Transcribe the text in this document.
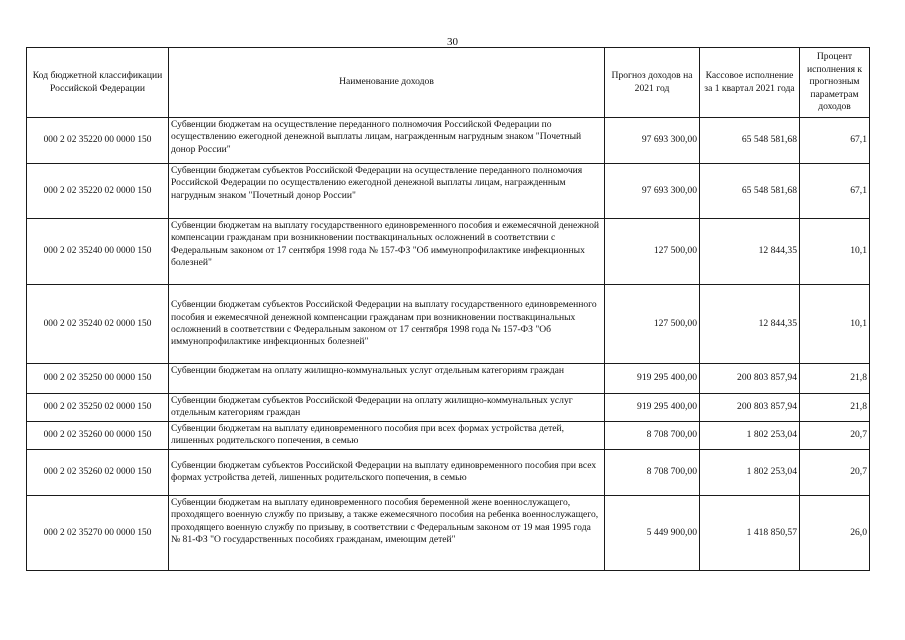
30
Код бюджетной классификации Российской Федерации	Наименование доходов	Прогноз доходов на 2021 год	Кассовое исполнение за 1 квартал 2021 года	Процент исполнения к прогнозным параметрам доходов
000 2 02 35220 00 0000 150	Субвенции бюджетам на осуществление переданного полномочия Российской Федерации по осуществлению ежегодной денежной выплаты лицам, награжденным нагрудным знаком "Почетный донор России"	97 693 300,00	65 548 581,68	67,1
000 2 02 35220 02 0000 150	Субвенции бюджетам субъектов Российской Федерации на осуществление переданного полномочия Российской Федерации по осуществлению ежегодной денежной выплаты лицам, награжденным нагрудным знаком "Почетный донор России"	97 693 300,00	65 548 581,68	67,1
000 2 02 35240 00 0000 150	Субвенции бюджетам на выплату государственного единовременного пособия и ежемесячной денежной компенсации гражданам при возникновении поствакцинальных осложнений в соответствии с Федеральным законом от 17 сентября 1998 года № 157-ФЗ "Об иммунопрофилактике инфекционных болезней"	127 500,00	12 844,35	10,1
000 2 02 35240 02 0000 150	Субвенции бюджетам субъектов Российской Федерации на выплату государственного единовременного пособия и ежемесячной денежной компенсации гражданам при возникновении поствакцинальных осложнений в соответствии с Федеральным законом от 17 сентября 1998 года № 157-ФЗ "Об иммунопрофилактике инфекционных болезней"	127 500,00	12 844,35	10,1
000 2 02 35250 00 0000 150	Субвенции бюджетам на оплату жилищно-коммунальных услуг отдельным категориям граждан	919 295 400,00	200 803 857,94	21,8
000 2 02 35250 02 0000 150	Субвенции бюджетам субъектов Российской Федерации на оплату жилищно-коммунальных услуг отдельным категориям граждан	919 295 400,00	200 803 857,94	21,8
000 2 02 35260 00 0000 150	Субвенции бюджетам на выплату единовременного пособия при всех формах устройства детей, лишенных родительского попечения, в семью	8 708 700,00	1 802 253,04	20,7
000 2 02 35260 02 0000 150	Субвенции бюджетам субъектов Российской Федерации на выплату единовременного пособия при всех формах устройства детей, лишенных родительского попечения, в семью	8 708 700,00	1 802 253,04	20,7
000 2 02 35270 00 0000 150	Субвенции бюджетам на выплату единовременного пособия беременной жене военнослужащего, проходящего военную службу по призыву, а также ежемесячного пособия на ребенка военнослужащего, проходящего военную службу по призыву, в соответствии с Федеральным законом от 19 мая 1995 года № 81-ФЗ "О государственных пособиях гражданам, имеющим детей"	5 449 900,00	1 418 850,57	26,0
